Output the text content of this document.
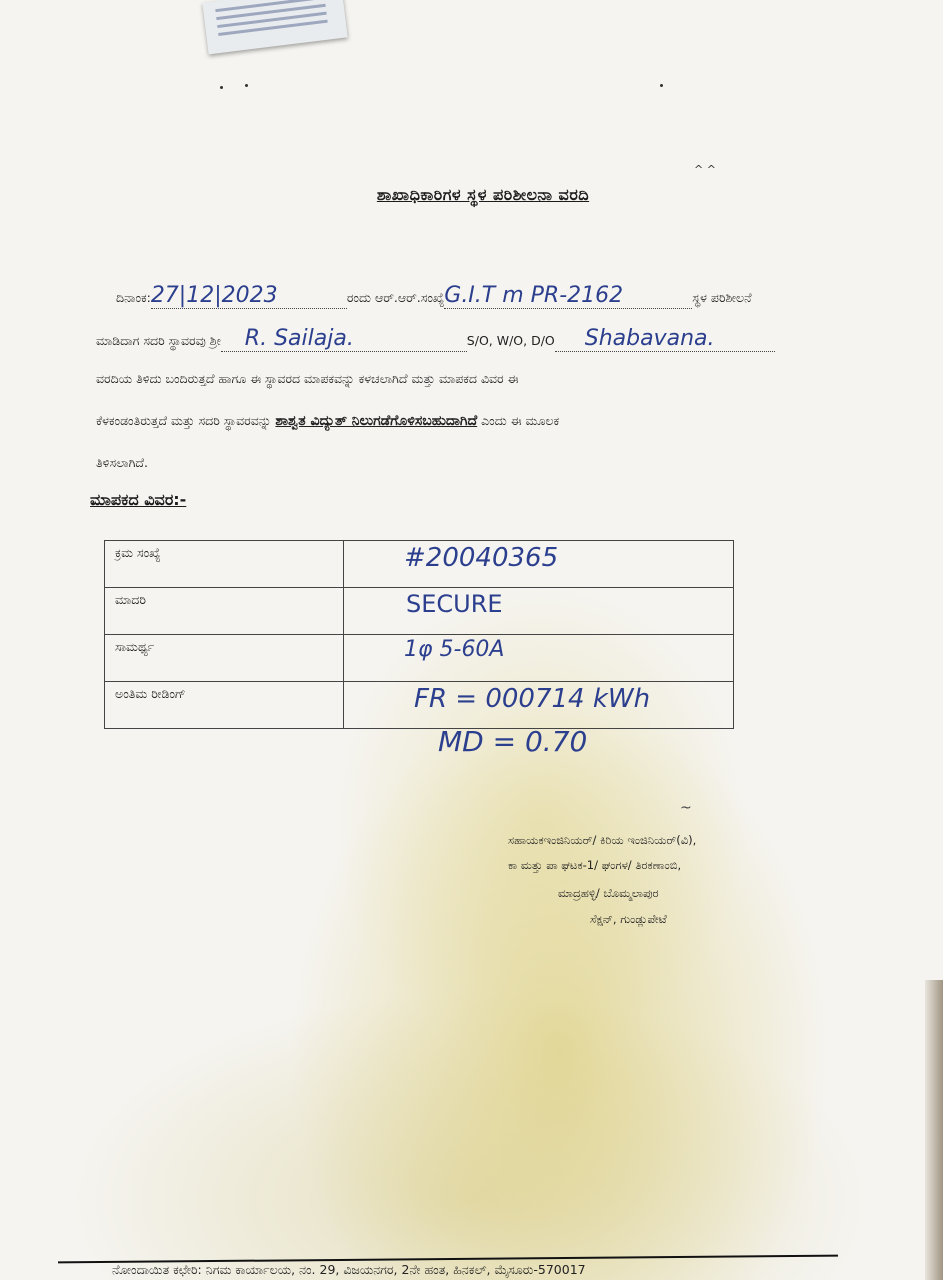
^ ^
ಶಾಖಾಧಿಕಾರಿಗಳ ಸ್ಥಳ ಪರಿಶೀಲನಾ ವರದಿ
ದಿನಾಂಕ:27|12|2023	ರಂದು ಆರ್.ಆರ್.ಸಂಖ್ಯೆG.I.T m PR-2162	ಸ್ಥಳ ಪರಿಶೀಲನೆ
ಮಾಡಿದಾಗ ಸದರಿ ಸ್ಥಾವರವು ಶ್ರೀ R. Sailaja.	S/O, W/O, D/O Shabavana.
ವರದಿಯ ತಿಳಿದು ಬಂದಿರುತ್ತದೆ ಹಾಗೂ ಈ ಸ್ಥಾವರದ ಮಾಪಕವನ್ನು ಕಳಚಲಾಗಿದೆ ಮತ್ತು ಮಾಪಕದ ವಿವರ ಈ
ಕೆಳಕಂಡಂತಿರುತ್ತದೆ ಮತ್ತು ಸದರಿ ಸ್ಥಾವರವನ್ನು ಶಾಶ್ವತ ವಿದ್ಯುತ್ ನಿಲುಗಡೆಗೊಳಿಸಬಹುದಾಗಿದೆ ಎಂದು ಈ ಮೂಲಕ
ತಿಳಿಸಲಾಗಿದೆ.
ಮಾಪಕದ ವಿವರ:-
ಕ್ರಮ ಸಂಖ್ಯೆ	#20040365
ಮಾದರಿ	SECURE
ಸಾಮರ್ಥ್ಯ	1φ 5-60A
ಅಂತಿಮ ರೀಡಿಂಗ್	FR = 000714 kWh
MD = 0.70
~
ಸಹಾಯಕಇಂಜಿನಿಯರ್/ ಕಿರಿಯ ಇಂಜಿನಿಯರ್(ವಿ),
ಕಾ ಮತ್ತು ಪಾ ಘಟಕ-1/ ಘಂಗಳ/ ತಿರಕಣಾಂಬಿ,
ಮಾದ್ರಹಳ್ಳಿ/ ಬೊಮ್ಮಲಾಪುರ
ಸೆಕ್ಷನ್, ಗುಂಡ್ಲುಪೇಟೆ
ನೋಂದಾಯಿತ ಕಛೇರಿ: ನಿಗಮ ಕಾರ್ಯಾಲಯ, ನಂ. 29, ವಿಜಯನಗರ, 2ನೇ ಹಂತ, ಹಿನಕಲ್, ಮೈಸೂರು-570017
